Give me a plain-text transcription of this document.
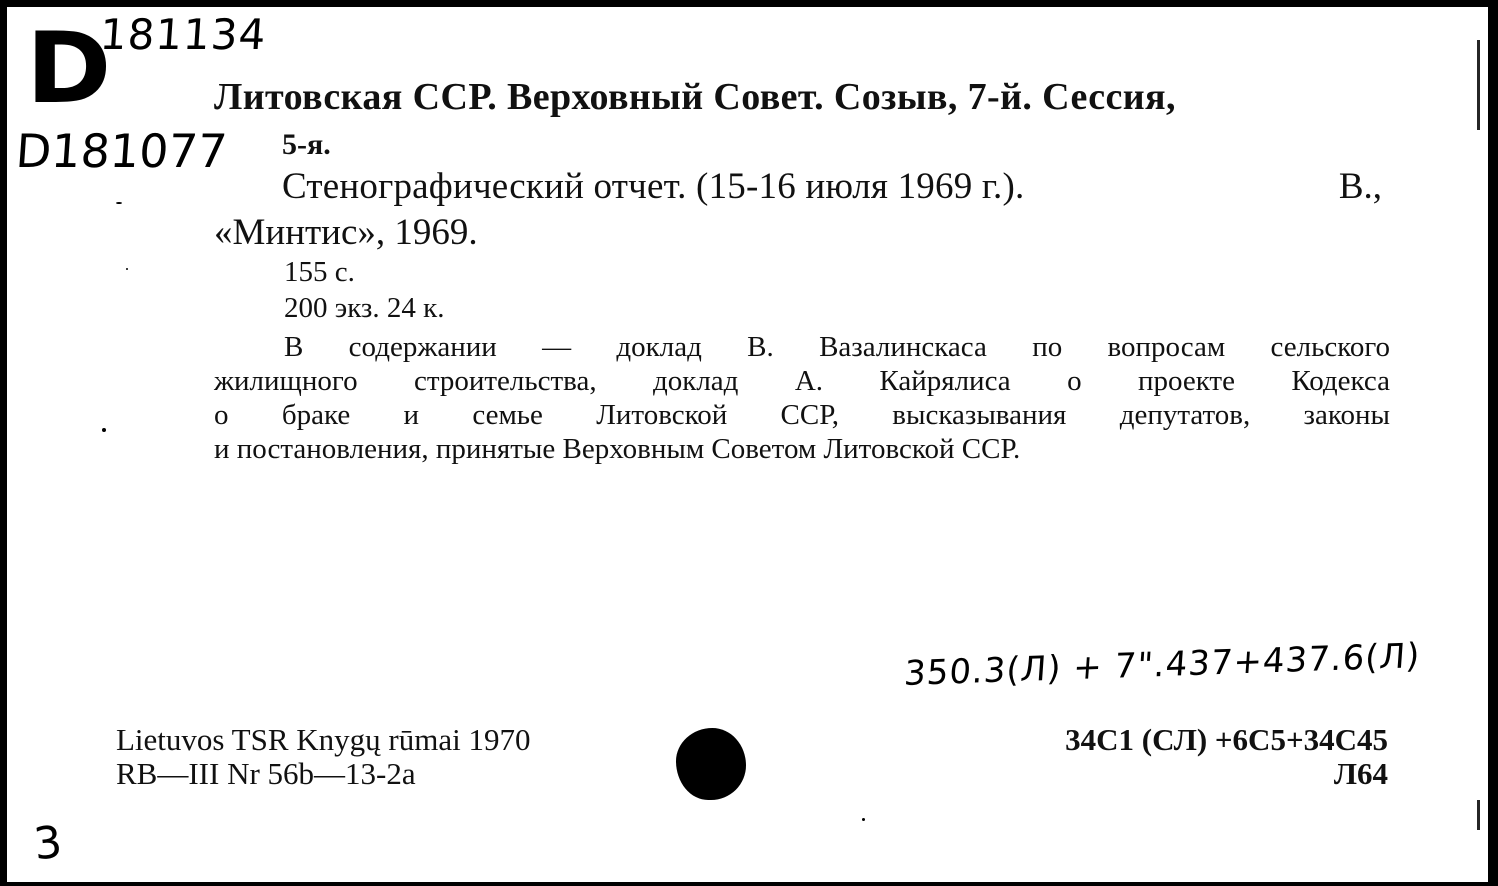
D
181134
D181077
Литовская ССР. Верховный Совет. Созыв, 7-й. Сессия,
5-я.
Стенографический отчет. (15-16 июля 1969 г.).	В.,
«Минтис», 1969.
155 с.
200 экз. 24 к.
В содержании — доклад В. Вазалинскаса по вопросам сельского
жилищного строительства, доклад А. Кайрялиса о проекте Кодекса
о браке и семье Литовской ССР, высказывания депутатов, законы
и постановления, принятые Верховным Советом Литовской ССР.
350.3(Л) + 7".437+437.6(Л)
Lietuvos TSR Knygų rūmai 1970
RB—III Nr 56b—13-2a
34C1 (СЛ) +6C5+34C45
Л64
3
